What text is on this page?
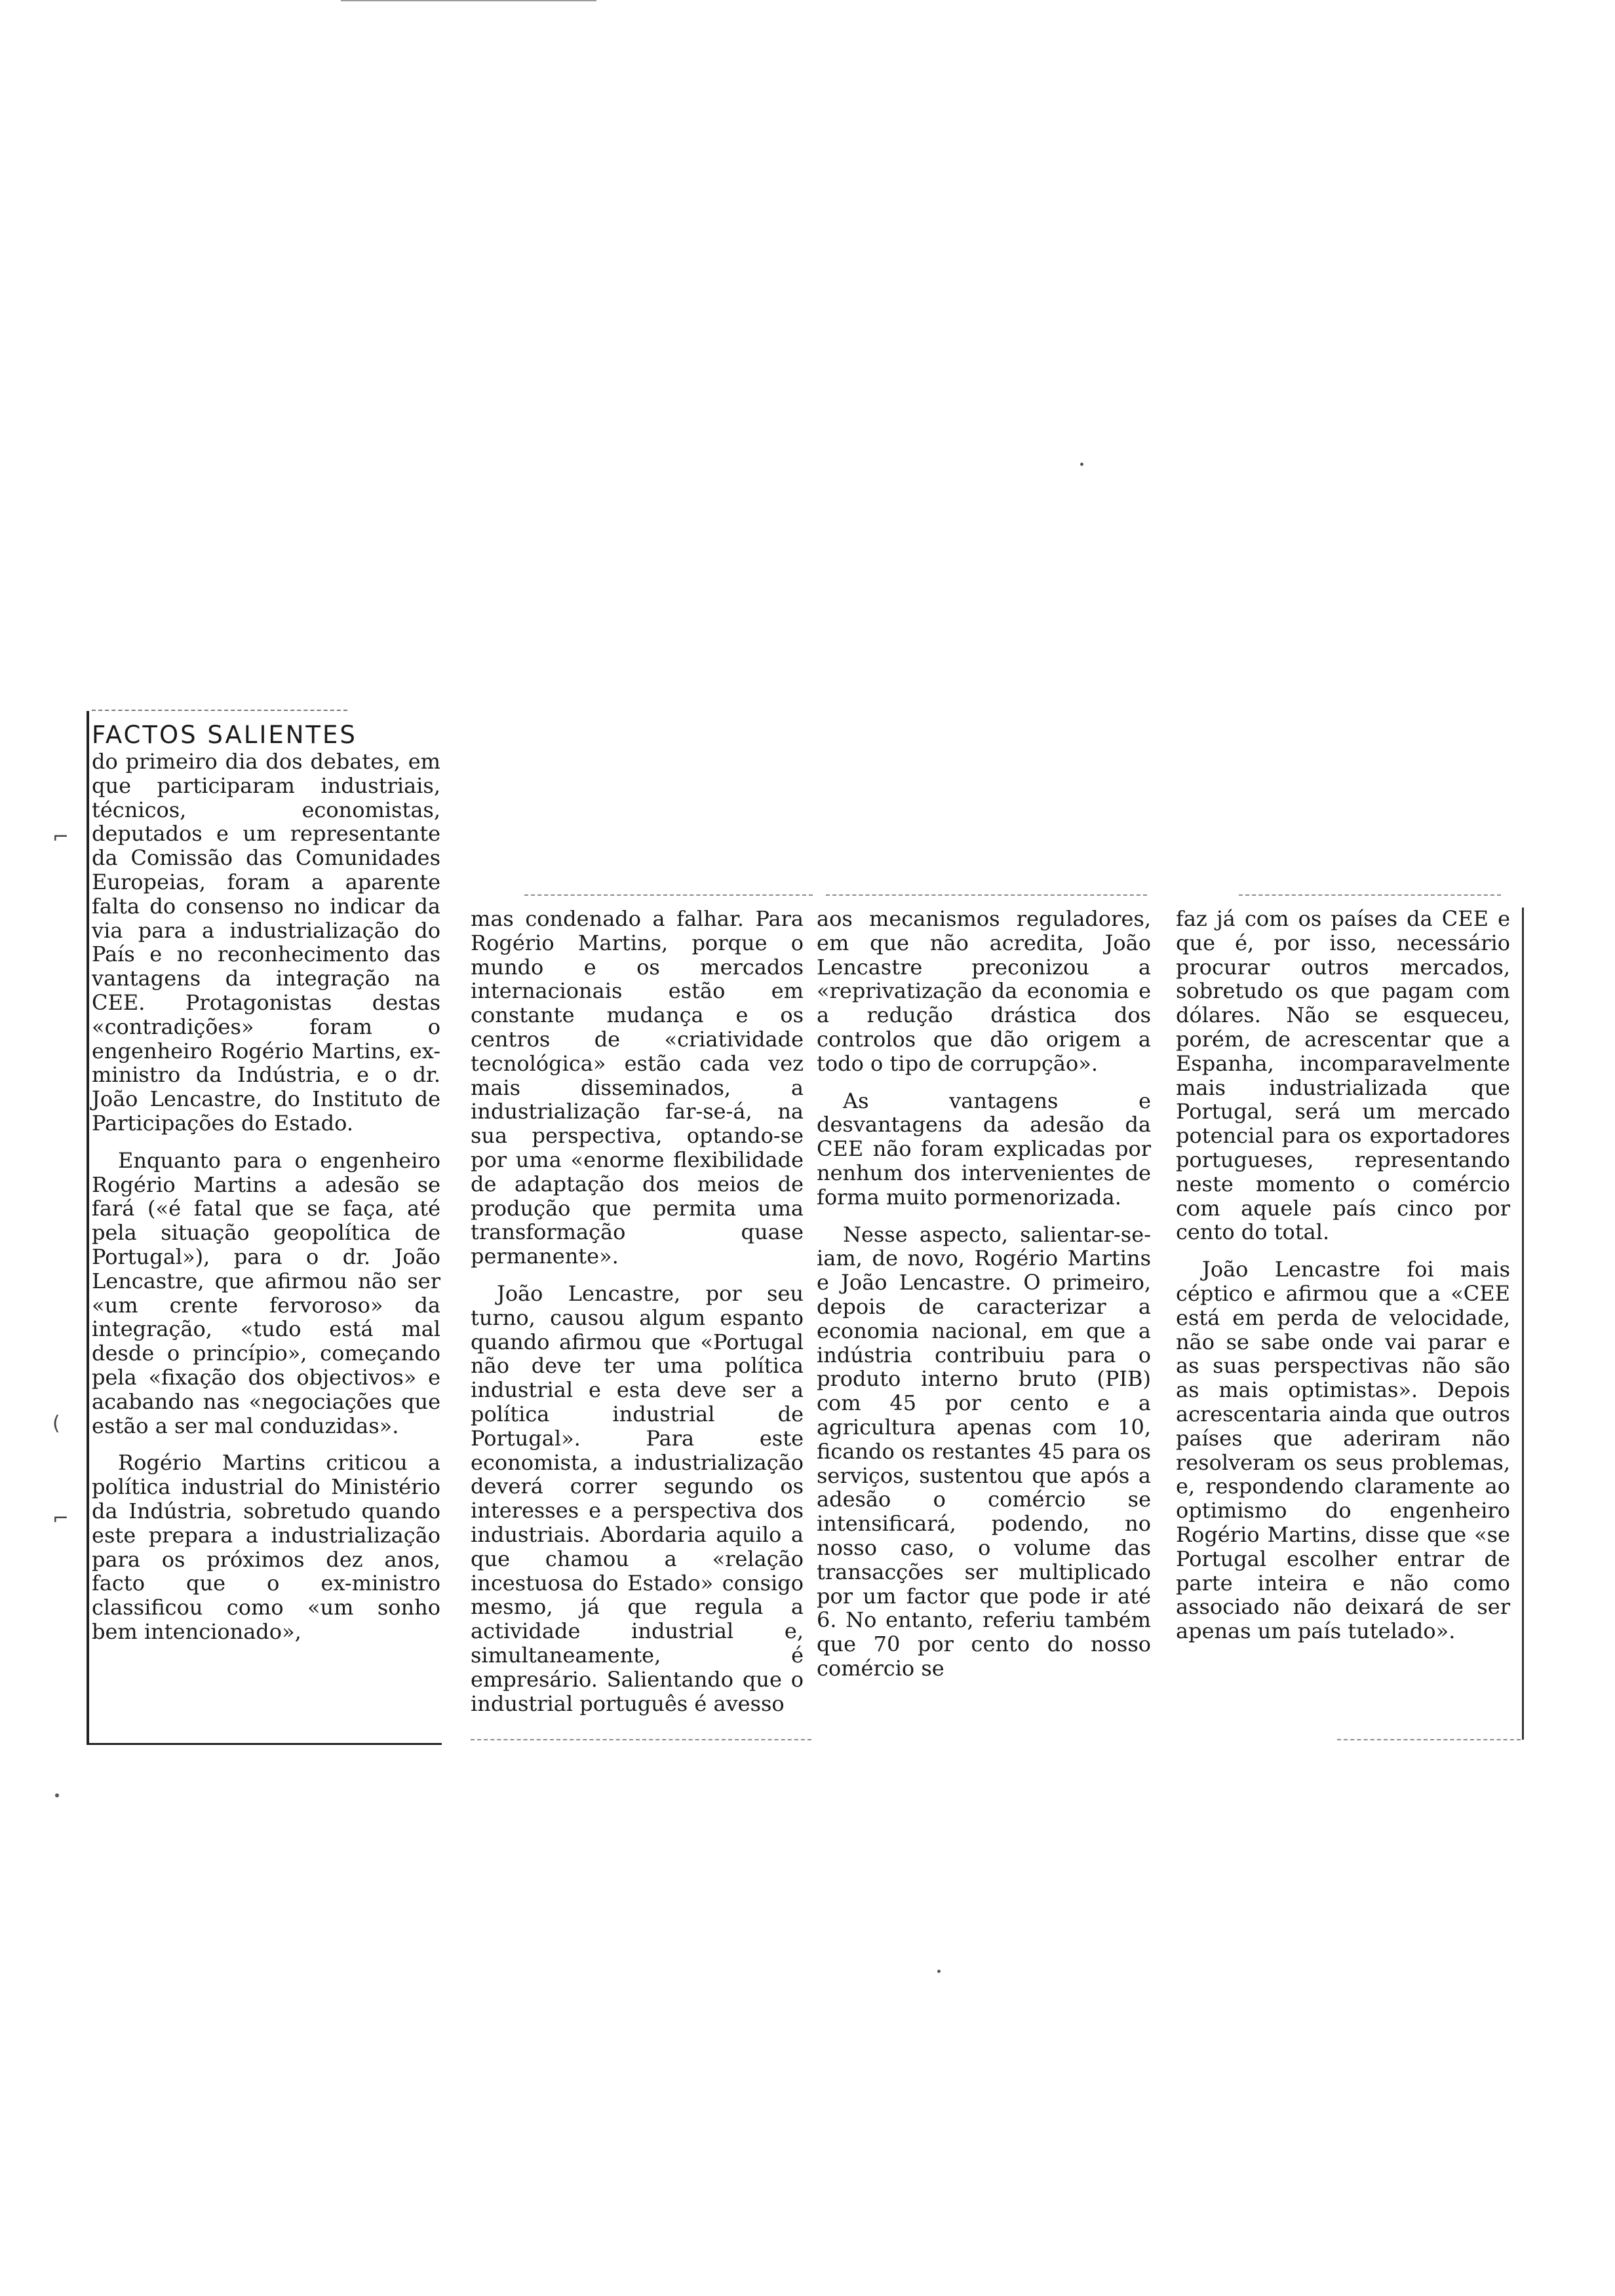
⌐
(
⌐
FACTOS SALIENTES

do primeiro dia dos debates, em que participaram industriais, técnicos, economistas, deputados e um representante da Comissão das Comunidades Europeias, foram a aparente falta do consenso no indicar da via para a industrialização do País e no reconhecimento das vantagens da integração na CEE. Protagonistas destas «contradições» foram o engenheiro Rogério Martins, ex-ministro da Indústria, e o dr. João Lencastre, do Instituto de Participações do Estado.

Enquanto para o engenheiro Rogério Martins a adesão se fará («é fatal que se faça, até pela situação geopolítica de Portugal»), para o dr. João Lencastre, que afirmou não ser «um crente fervoroso» da integração, «tudo está mal desde o princípio», começando pela «fixação dos objectivos» e acabando nas «negociações que estão a ser mal conduzidas».

Rogério Martins criticou a política industrial do Ministério da Indústria, sobretudo quando este prepara a industrialização para os próximos dez anos, facto que o ex-ministro classificou como «um sonho bem intencionado»,

mas condenado a falhar. Para Rogério Martins, porque o mundo e os mercados internacionais estão em constante mudança e os centros de «criatividade tecnológica» estão cada vez mais disseminados, a industrialização far-se-á, na sua perspectiva, optando-se por uma «enorme flexibilidade de adaptação dos meios de produção que permita uma transformação quase permanente».

João Lencastre, por seu turno, causou algum espanto quando afirmou que «Portugal não deve ter uma política industrial e esta deve ser a política industrial de Portugal». Para este economista, a industrialização deverá correr segundo os interesses e a perspectiva dos industriais. Abordaria aquilo a que chamou a «relação incestuosa do Estado» consigo mesmo, já que regula a actividade industrial e, simultaneamente, é empresário. Salientando que o industrial português é avesso

aos mecanismos reguladores, em que não acredita, João Lencastre preconizou a «reprivatização da economia e a redução drástica dos controlos que dão origem a todo o tipo de corrupção».

As vantagens e desvantagens da adesão da CEE não foram explicadas por nenhum dos intervenientes de forma muito pormenorizada.

Nesse aspecto, salientar-se-iam, de novo, Rogério Martins e João Lencastre. O primeiro, depois de caracterizar a economia nacional, em que a indústria contribuiu para o produto interno bruto (PIB) com 45 por cento e a agricultura apenas com 10, ficando os restantes 45 para os serviços, sustentou que após a adesão o comércio se intensificará, podendo, no nosso caso, o volume das transacções ser multiplicado por um factor que pode ir até 6. No entanto, referiu também que 70 por cento do nosso comércio se

faz já com os países da CEE e que é, por isso, necessário procurar outros mercados, sobretudo os que pagam com dólares. Não se esqueceu, porém, de acrescentar que a Espanha, incomparavelmente mais industrializada que Portugal, será um mercado potencial para os exportadores portugueses, representando neste momento o comércio com aquele país cinco por cento do total.

João Lencastre foi mais céptico e afirmou que a «CEE está em perda de velocidade, não se sabe onde vai parar e as suas perspectivas não são as mais optimistas». Depois acrescentaria ainda que outros países que aderiram não resolveram os seus problemas, e, respondendo claramente ao optimismo do engenheiro Rogério Martins, disse que «se Portugal escolher entrar de parte inteira e não como associado não deixará de ser apenas um país tutelado».
